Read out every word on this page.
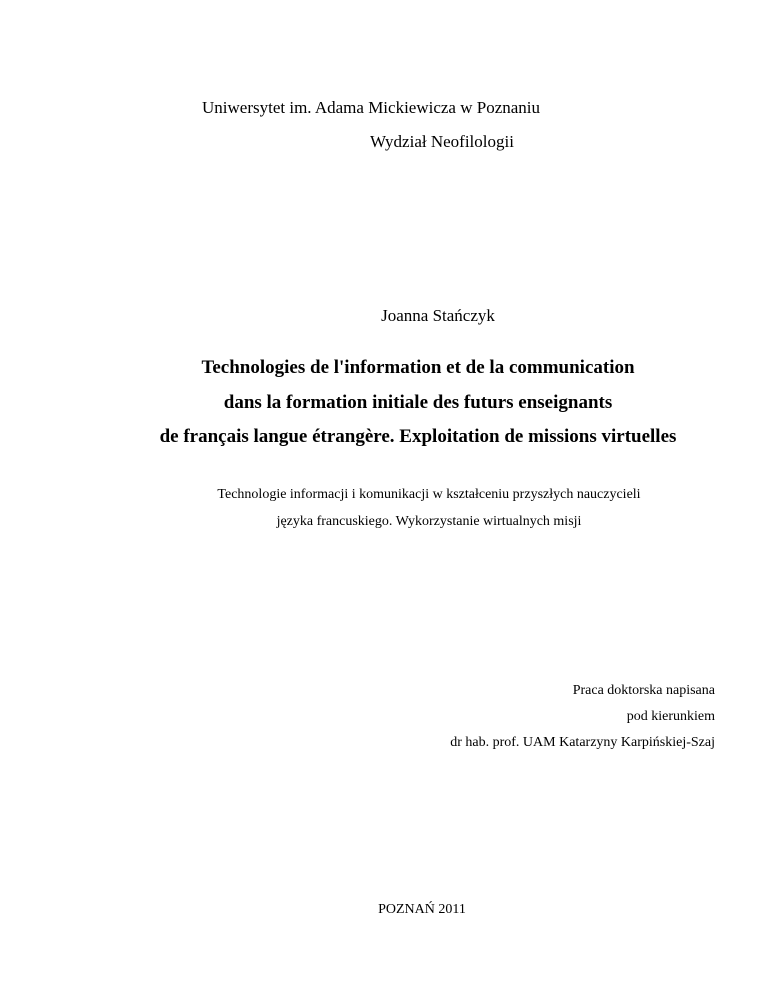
Uniwersytet im. Adama Mickiewicza w Poznaniu
Wydział Neofilologii
Joanna Stańczyk
Technologies de l'information et de la communication
dans la formation initiale des futurs enseignants
de français langue étrangère. Exploitation de missions virtuelles
Technologie informacji i komunikacji w kształceniu przyszłych nauczycieli
języka francuskiego. Wykorzystanie wirtualnych misji
Praca doktorska napisana
pod kierunkiem
dr hab. prof. UAM Katarzyny Karpińskiej-Szaj
POZNAŃ 2011
